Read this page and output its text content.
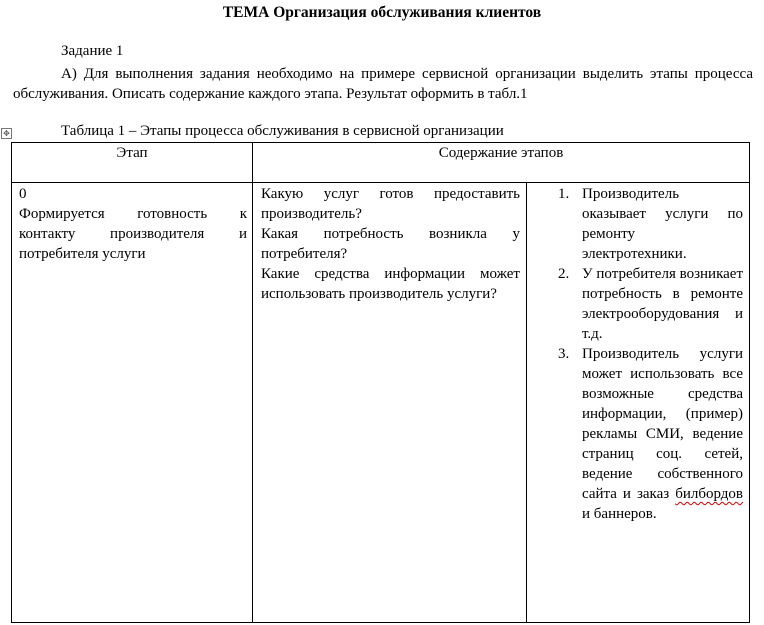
ТЕМА Организация обслуживания клиентов
Задание 1
А) Для выполнения задания необходимо на примере сервисной организации выделить этапы процесса обслуживания. Описать содержание каждого этапа. Результат оформить в табл.1
✥	Таблица 1 – Этапы процесса обслуживания в сервисной организации
Этап	Содержание этапов
0
Формируется готовность к контакту производителя и потребителя услуги
Какую услуг готов предоставить производитель?
Какая потребность возникла у потребителя?
Какие средства информации может использовать производитель услуги?
1. Производитель оказывает услуги по ремонту электротехники.
2. У потребителя возникает потребность в ремонте электрооборудования и т.д.
3. Производитель услуги может использовать все возможные средства информации, (пример) рекламы СМИ, ведение страниц соц. сетей, ведение собственного сайта и заказ билбордов и баннеров.
